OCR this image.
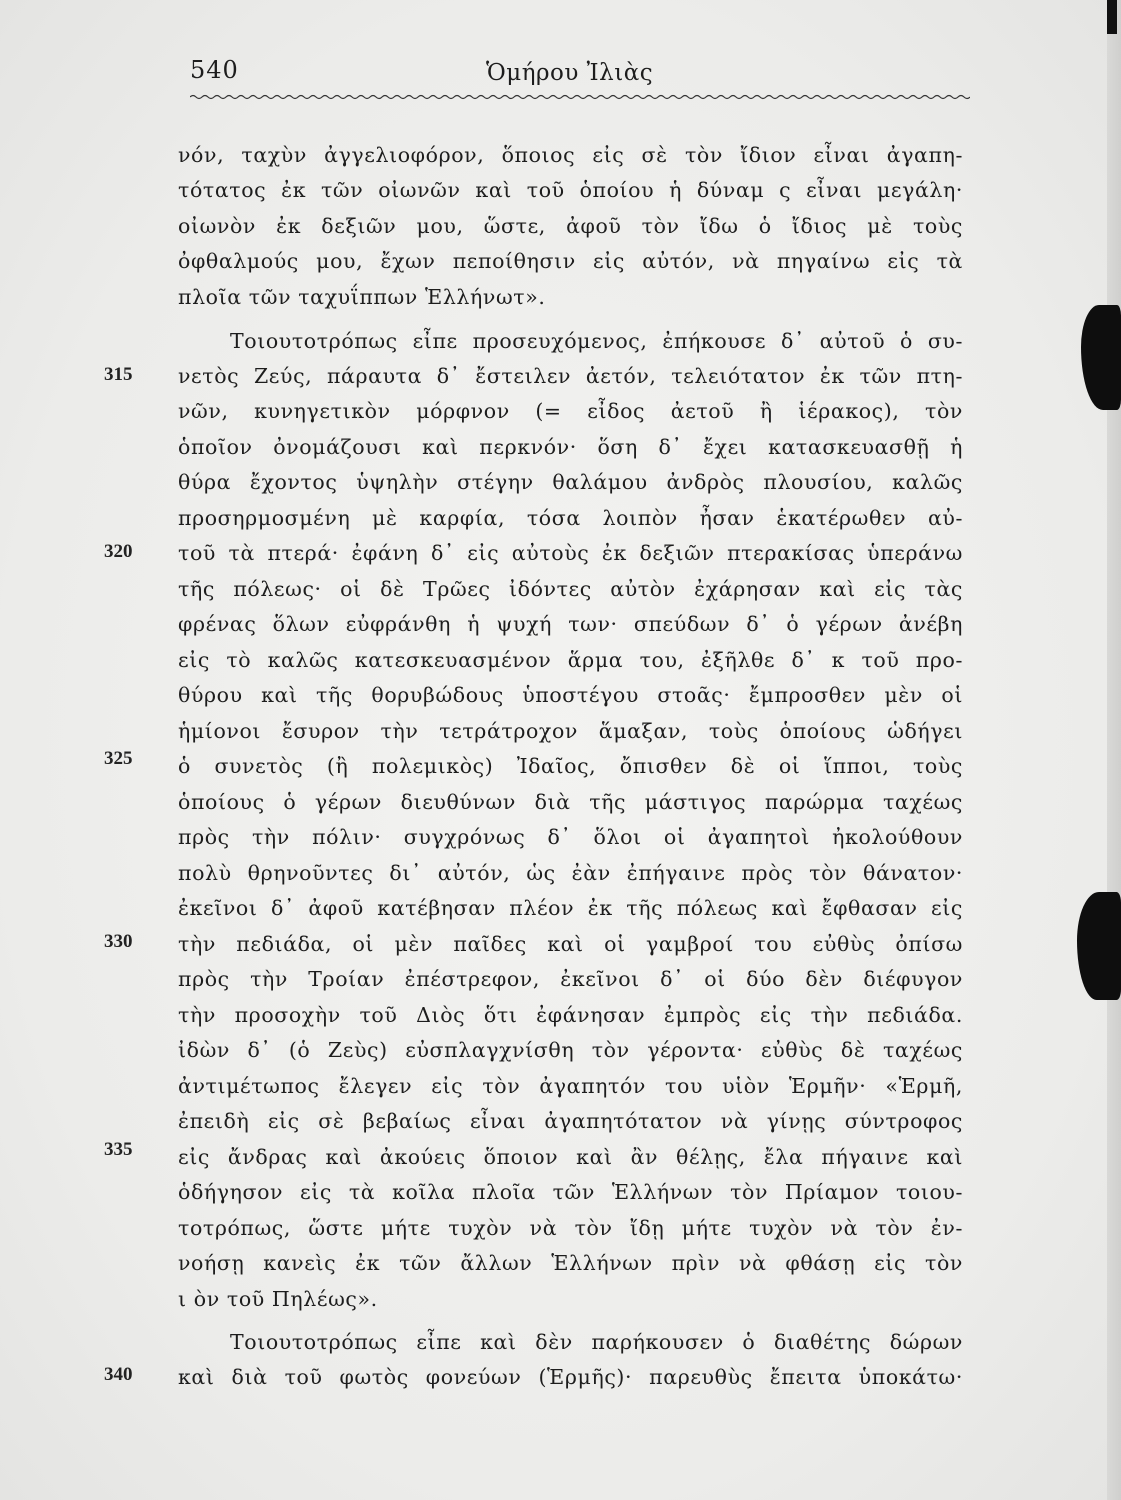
540	Ὁμήρου Ἰλιὰς
νόν, ταχὺν ἀγγελιοφόρον, ὅποιος εἰς σὲ τὸν ἴδιον εἶναι ἀγαπη-
τότατος ἐκ τῶν οἰωνῶν καὶ τοῦ ὁποίου ἡ δύναμ ς εἶναι μεγάλη·
οἰωνὸν ἐκ δεξιῶν μου, ὥστε, ἀφοῦ τὸν ἴδω ὁ ἴδιος μὲ τοὺς
ὀφθαλμούς μου, ἔχων πεποίθησιν εἰς αὐτόν, νὰ πηγαίνω εἰς τὰ
πλοῖα τῶν ταχυΐππων Ἑλλήνωτ».
Τοιουτοτρόπως εἶπε προσευχόμενος, ἐπήκουσε δ᾿ αὐτοῦ ὁ συ-
νετὸς Ζεύς, πάραυτα δ᾿ ἔστειλεν ἀετόν, τελειότατον ἐκ τῶν πτη-
νῶν, κυνηγετικὸν μόρφνον (= εἶδος ἀετοῦ ἢ ἱέρακος), τὸν
ὁποῖον ὀνομάζουσι καὶ περκνόν· ὅση δ᾿ ἔχει κατασκευασθῇ ἡ
θύρα ἔχοντος ὑψηλὴν στέγην θαλάμου ἀνδρὸς πλουσίου, καλῶς
προσηρμοσμένη μὲ καρφία, τόσα λοιπὸν ἦσαν ἑκατέρωθεν αὐ-
τοῦ τὰ πτερά· ἐφάνη δ᾿ εἰς αὐτοὺς ἐκ δεξιῶν πτερακίσας ὑπεράνω
τῆς πόλεως· οἱ δὲ Τρῶες ἰδόντες αὐτὸν ἐχάρησαν καὶ εἰς τὰς
φρένας ὅλων εὐφράνθη ἡ ψυχή των· σπεύδων δ᾿ ὁ γέρων ἀνέβη
εἰς τὸ καλῶς κατεσκευασμένον ἅρμα του, ἐξῆλθε δ᾿ κ τοῦ προ-
θύρου καὶ τῆς θορυβώδους ὑποστέγου στοᾶς· ἔμπροσθεν μὲν οἱ
ἡμίονοι ἔσυρον τὴν τετράτροχον ἅμαξαν, τοὺς ὁποίους ὡδήγει
ὁ συνετὸς (ἢ πολεμικὸς) Ἰδαῖος, ὄπισθεν δὲ οἱ ἵπποι, τοὺς
ὁποίους ὁ γέρων διευθύνων διὰ τῆς μάστιγος παρώρμα ταχέως
πρὸς τὴν πόλιν· συγχρόνως δ᾿ ὅλοι οἱ ἀγαπητοὶ ἠκολούθουν
πολὺ θρηνοῦντες δι᾿ αὐτόν, ὡς ἐὰν ἐπήγαινε πρὸς τὸν θάνατον·
ἐκεῖνοι δ᾿ ἀφοῦ κατέβησαν πλέον ἐκ τῆς πόλεως καὶ ἔφθασαν εἰς
τὴν πεδιάδα, οἱ μὲν παῖδες καὶ οἱ γαμβροί του εὐθὺς ὀπίσω
πρὸς τὴν Τροίαν ἐπέστρεφον, ἐκεῖνοι δ᾿ οἱ δύο δὲν διέφυγον
τὴν προσοχὴν τοῦ Διὸς ὅτι ἐφάνησαν ἐμπρὸς εἰς τὴν πεδιάδα.
ἰδὼν δ᾿ (ὁ Ζεὺς) εὐσπλαγχνίσθη τὸν γέροντα· εὐθὺς δὲ ταχέως
ἀντιμέτωπος ἔλεγεν εἰς τὸν ἀγαπητόν του υἱὸν Ἑρμῆν· «Ἑρμῆ,
ἐπειδὴ εἰς σὲ βεβαίως εἶναι ἀγαπητότατον νὰ γίνῃς σύντροφος
εἰς ἄνδρας καὶ ἀκούεις ὅποιον καὶ ἂν θέλῃς, ἔλα πήγαινε καὶ
ὁδήγησον εἰς τὰ κοῖλα πλοῖα τῶν Ἑλλήνων τὸν Πρίαμον τοιου-
τοτρόπως, ὥστε μήτε τυχὸν νὰ τὸν ἴδῃ μήτε τυχὸν νὰ τὸν ἐν-
νοήσῃ κανεὶς ἐκ τῶν ἄλλων Ἑλλήνων πρὶν νὰ φθάσῃ εἰς τὸν
ι ὸν τοῦ Πηλέως».
Τοιουτοτρόπως εἶπε καὶ δὲν παρήκουσεν ὁ διαθέτης δώρων
καὶ διὰ τοῦ φωτὸς φονεύων (Ἑρμῆς)· παρευθὺς ἔπειτα ὑποκάτω·
315
320
325
330
335
340
